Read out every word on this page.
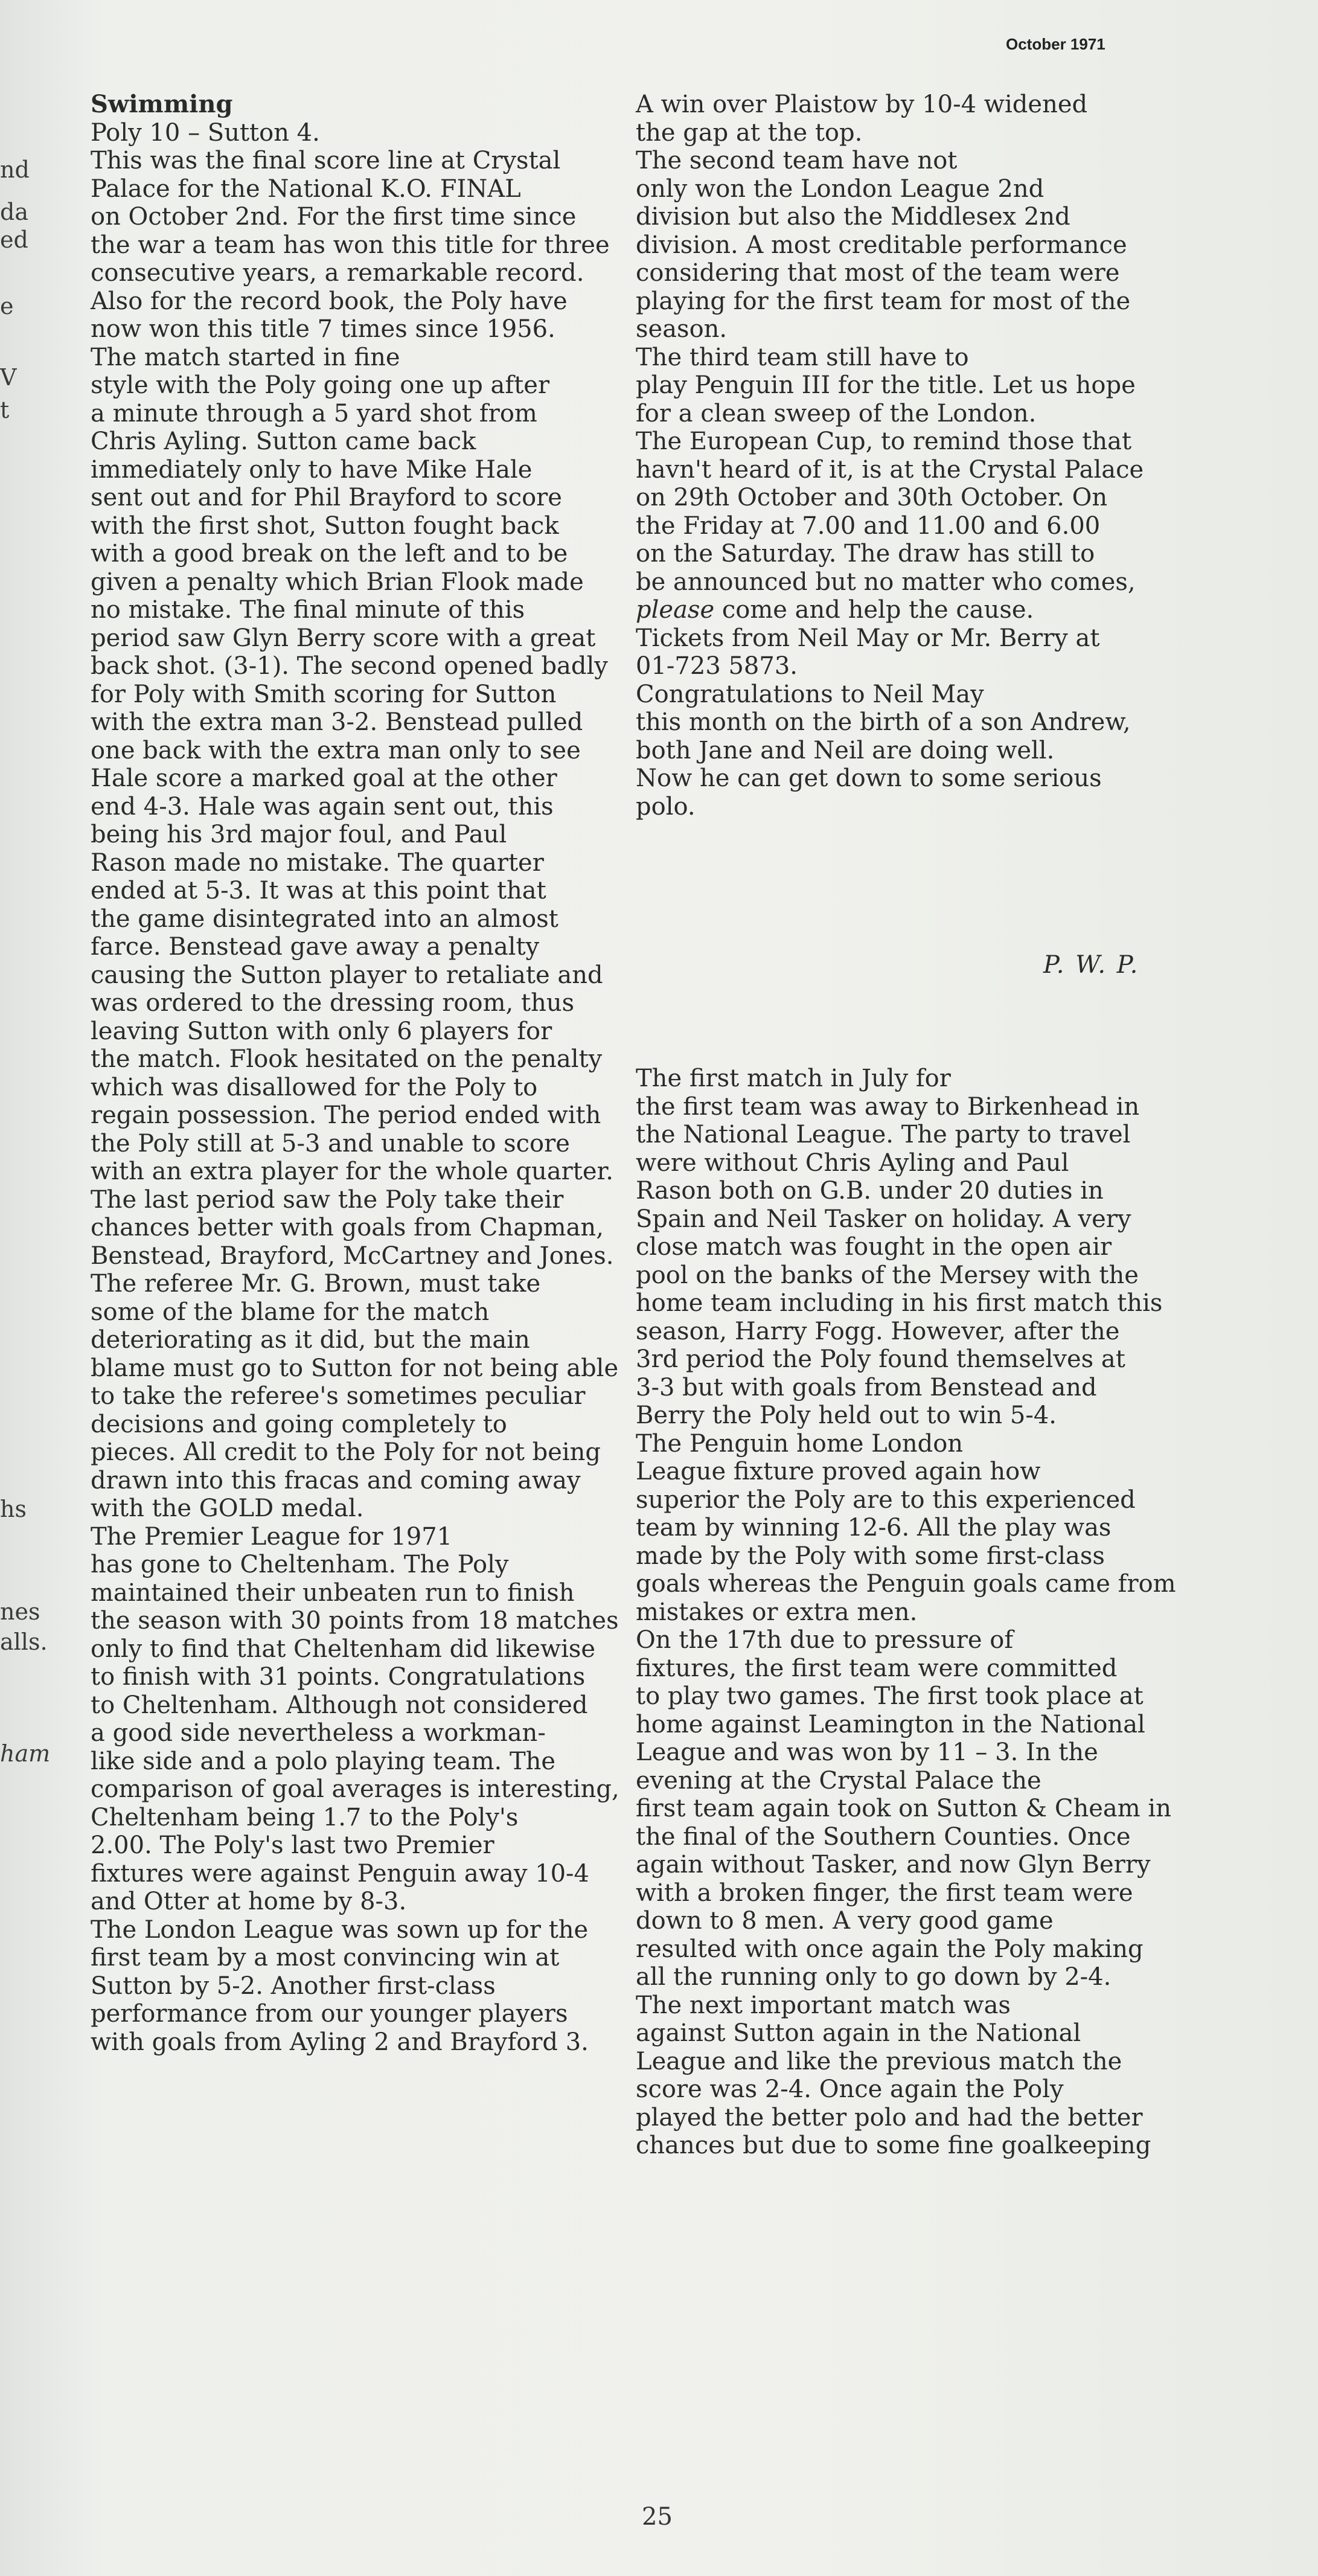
October 1971
nd
da
ed
e
V
t
hs
nes
alls.
ham
Swimming
Poly 10 – Sutton 4.
This was the final score line at Crystal
Palace for the National K.O. FINAL
on October 2nd. For the first time since
the war a team has won this title for three
consecutive years, a remarkable record.
Also for the record book, the Poly have
now won this title 7 times since 1956.
The match started in fine
style with the Poly going one up after
a minute through a 5 yard shot from
Chris Ayling. Sutton came back
immediately only to have Mike Hale
sent out and for Phil Brayford to score
with the first shot, Sutton fought back
with a good break on the left and to be
given a penalty which Brian Flook made
no mistake. The final minute of this
period saw Glyn Berry score with a great
back shot. (3-1). The second opened badly
for Poly with Smith scoring for Sutton
with the extra man 3-2. Benstead pulled
one back with the extra man only to see
Hale score a marked goal at the other
end 4-3. Hale was again sent out, this
being his 3rd major foul, and Paul
Rason made no mistake. The quarter
ended at 5-3. It was at this point that
the game disintegrated into an almost
farce. Benstead gave away a penalty
causing the Sutton player to retaliate and
was ordered to the dressing room, thus
leaving Sutton with only 6 players for
the match. Flook hesitated on the penalty
which was disallowed for the Poly to
regain possession. The period ended with
the Poly still at 5-3 and unable to score
with an extra player for the whole quarter.
The last period saw the Poly take their
chances better with goals from Chapman,
Benstead, Brayford, McCartney and Jones.
The referee Mr. G. Brown, must take
some of the blame for the match
deteriorating as it did, but the main
blame must go to Sutton for not being able
to take the referee's sometimes peculiar
decisions and going completely to
pieces. All credit to the Poly for not being
drawn into this fracas and coming away
with the GOLD medal.
The Premier League for 1971
has gone to Cheltenham. The Poly
maintained their unbeaten run to finish
the season with 30 points from 18 matches
only to find that Cheltenham did likewise
to finish with 31 points. Congratulations
to Cheltenham. Although not considered
a good side nevertheless a workman-
like side and a polo playing team. The
comparison of goal averages is interesting,
Cheltenham being 1.7 to the Poly's
2.00. The Poly's last two Premier
fixtures were against Penguin away 10-4
and Otter at home by 8-3.
The London League was sown up for the
first team by a most convincing win at
Sutton by 5-2. Another first-class
performance from our younger players
with goals from Ayling 2 and Brayford 3.
A win over Plaistow by 10-4 widened
the gap at the top.
The second team have not
only won the London League 2nd
division but also the Middlesex 2nd
division. A most creditable performance
considering that most of the team were
playing for the first team for most of the
season.
The third team still have to
play Penguin III for the title. Let us hope
for a clean sweep of the London.
The European Cup, to remind those that
havn't heard of it, is at the Crystal Palace
on 29th October and 30th October. On
the Friday at 7.00 and 11.00 and 6.00
on the Saturday. The draw has still to
be announced but no matter who comes,
please come and help the cause.
Tickets from Neil May or Mr. Berry at
01-723 5873.
Congratulations to Neil May
this month on the birth of a son Andrew,
both Jane and Neil are doing well.
Now he can get down to some serious
polo.
P. W. P.
The first match in July for
the first team was away to Birkenhead in
the National League. The party to travel
were without Chris Ayling and Paul
Rason both on G.B. under 20 duties in
Spain and Neil Tasker on holiday. A very
close match was fought in the open air
pool on the banks of the Mersey with the
home team including in his first match this
season, Harry Fogg. However, after the
3rd period the Poly found themselves at
3-3 but with goals from Benstead and
Berry the Poly held out to win 5-4.
The Penguin home London
League fixture proved again how
superior the Poly are to this experienced
team by winning 12-6. All the play was
made by the Poly with some first-class
goals whereas the Penguin goals came from
mistakes or extra men.
On the 17th due to pressure of
fixtures, the first team were committed
to play two games. The first took place at
home against Leamington in the National
League and was won by 11 – 3. In the
evening at the Crystal Palace the
first team again took on Sutton & Cheam in
the final of the Southern Counties. Once
again without Tasker, and now Glyn Berry
with a broken finger, the first team were
down to 8 men. A very good game
resulted with once again the Poly making
all the running only to go down by 2-4.
The next important match was
against Sutton again in the National
League and like the previous match the
score was 2-4. Once again the Poly
played the better polo and had the better
chances but due to some fine goalkeeping
25
